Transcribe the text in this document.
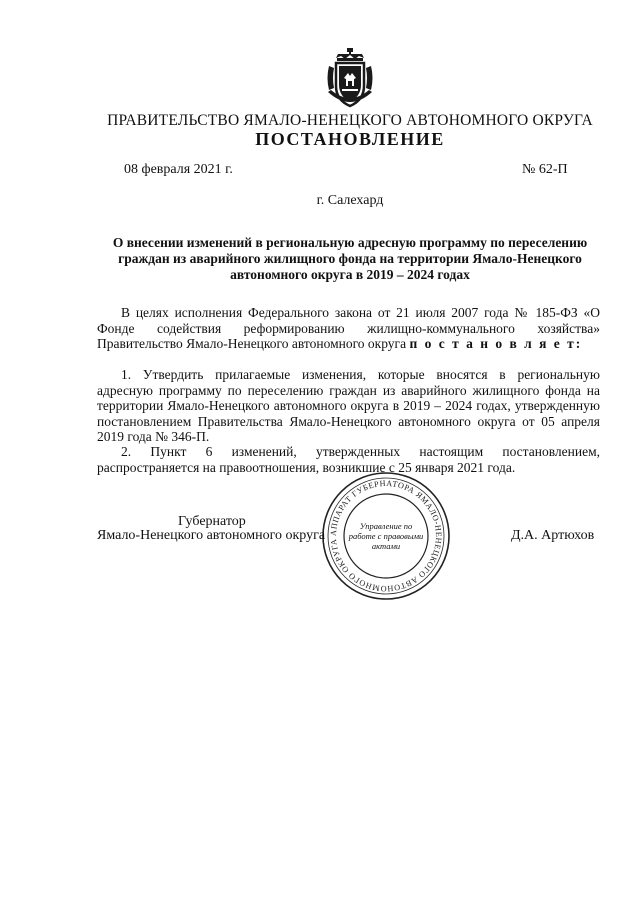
ПРАВИТЕЛЬСТВО ЯМАЛО-НЕНЕЦКОГО АВТОНОМНОГО ОКРУГА
ПОСТАНОВЛЕНИЕ
08 февраля 2021 г.	№ 62-П
г. Салехард
О внесении изменений в региональную адресную программу по переселению граждан из аварийного жилищного фонда на территории Ямало-Ненецкого автономного округа в 2019 – 2024 годах
В целях исполнения Федерального закона от 21 июля 2007 года № 185-ФЗ «О Фонде содействия реформированию жилищно-коммунального хозяйства» Правительство Ямало-Ненецкого автономного округа п о с т а н о в л я е т:
1. Утвердить прилагаемые изменения, которые вносятся в региональную адресную программу по переселению граждан из аварийного жилищного фонда на территории Ямало-Ненецкого автономного округа в 2019 – 2024 годах, утвержденную постановлением Правительства Ямало-Ненецкого автономного округа от 05 апреля 2019 года № 346-П.
2. Пункт 6 изменений, утвержденных настоящим постановлением, распространяется на правоотношения, возникшие с 25 января 2021 года.
АППАРАТ ГУБЕРНАТОРА ЯМАЛО-НЕНЕЦКОГО АВТОНОМНОГО ОКРУГА
Управление по работе с правовыми актами
Губернатор
Ямало-Ненецкого автономного округа	Д.А. Артюхов
